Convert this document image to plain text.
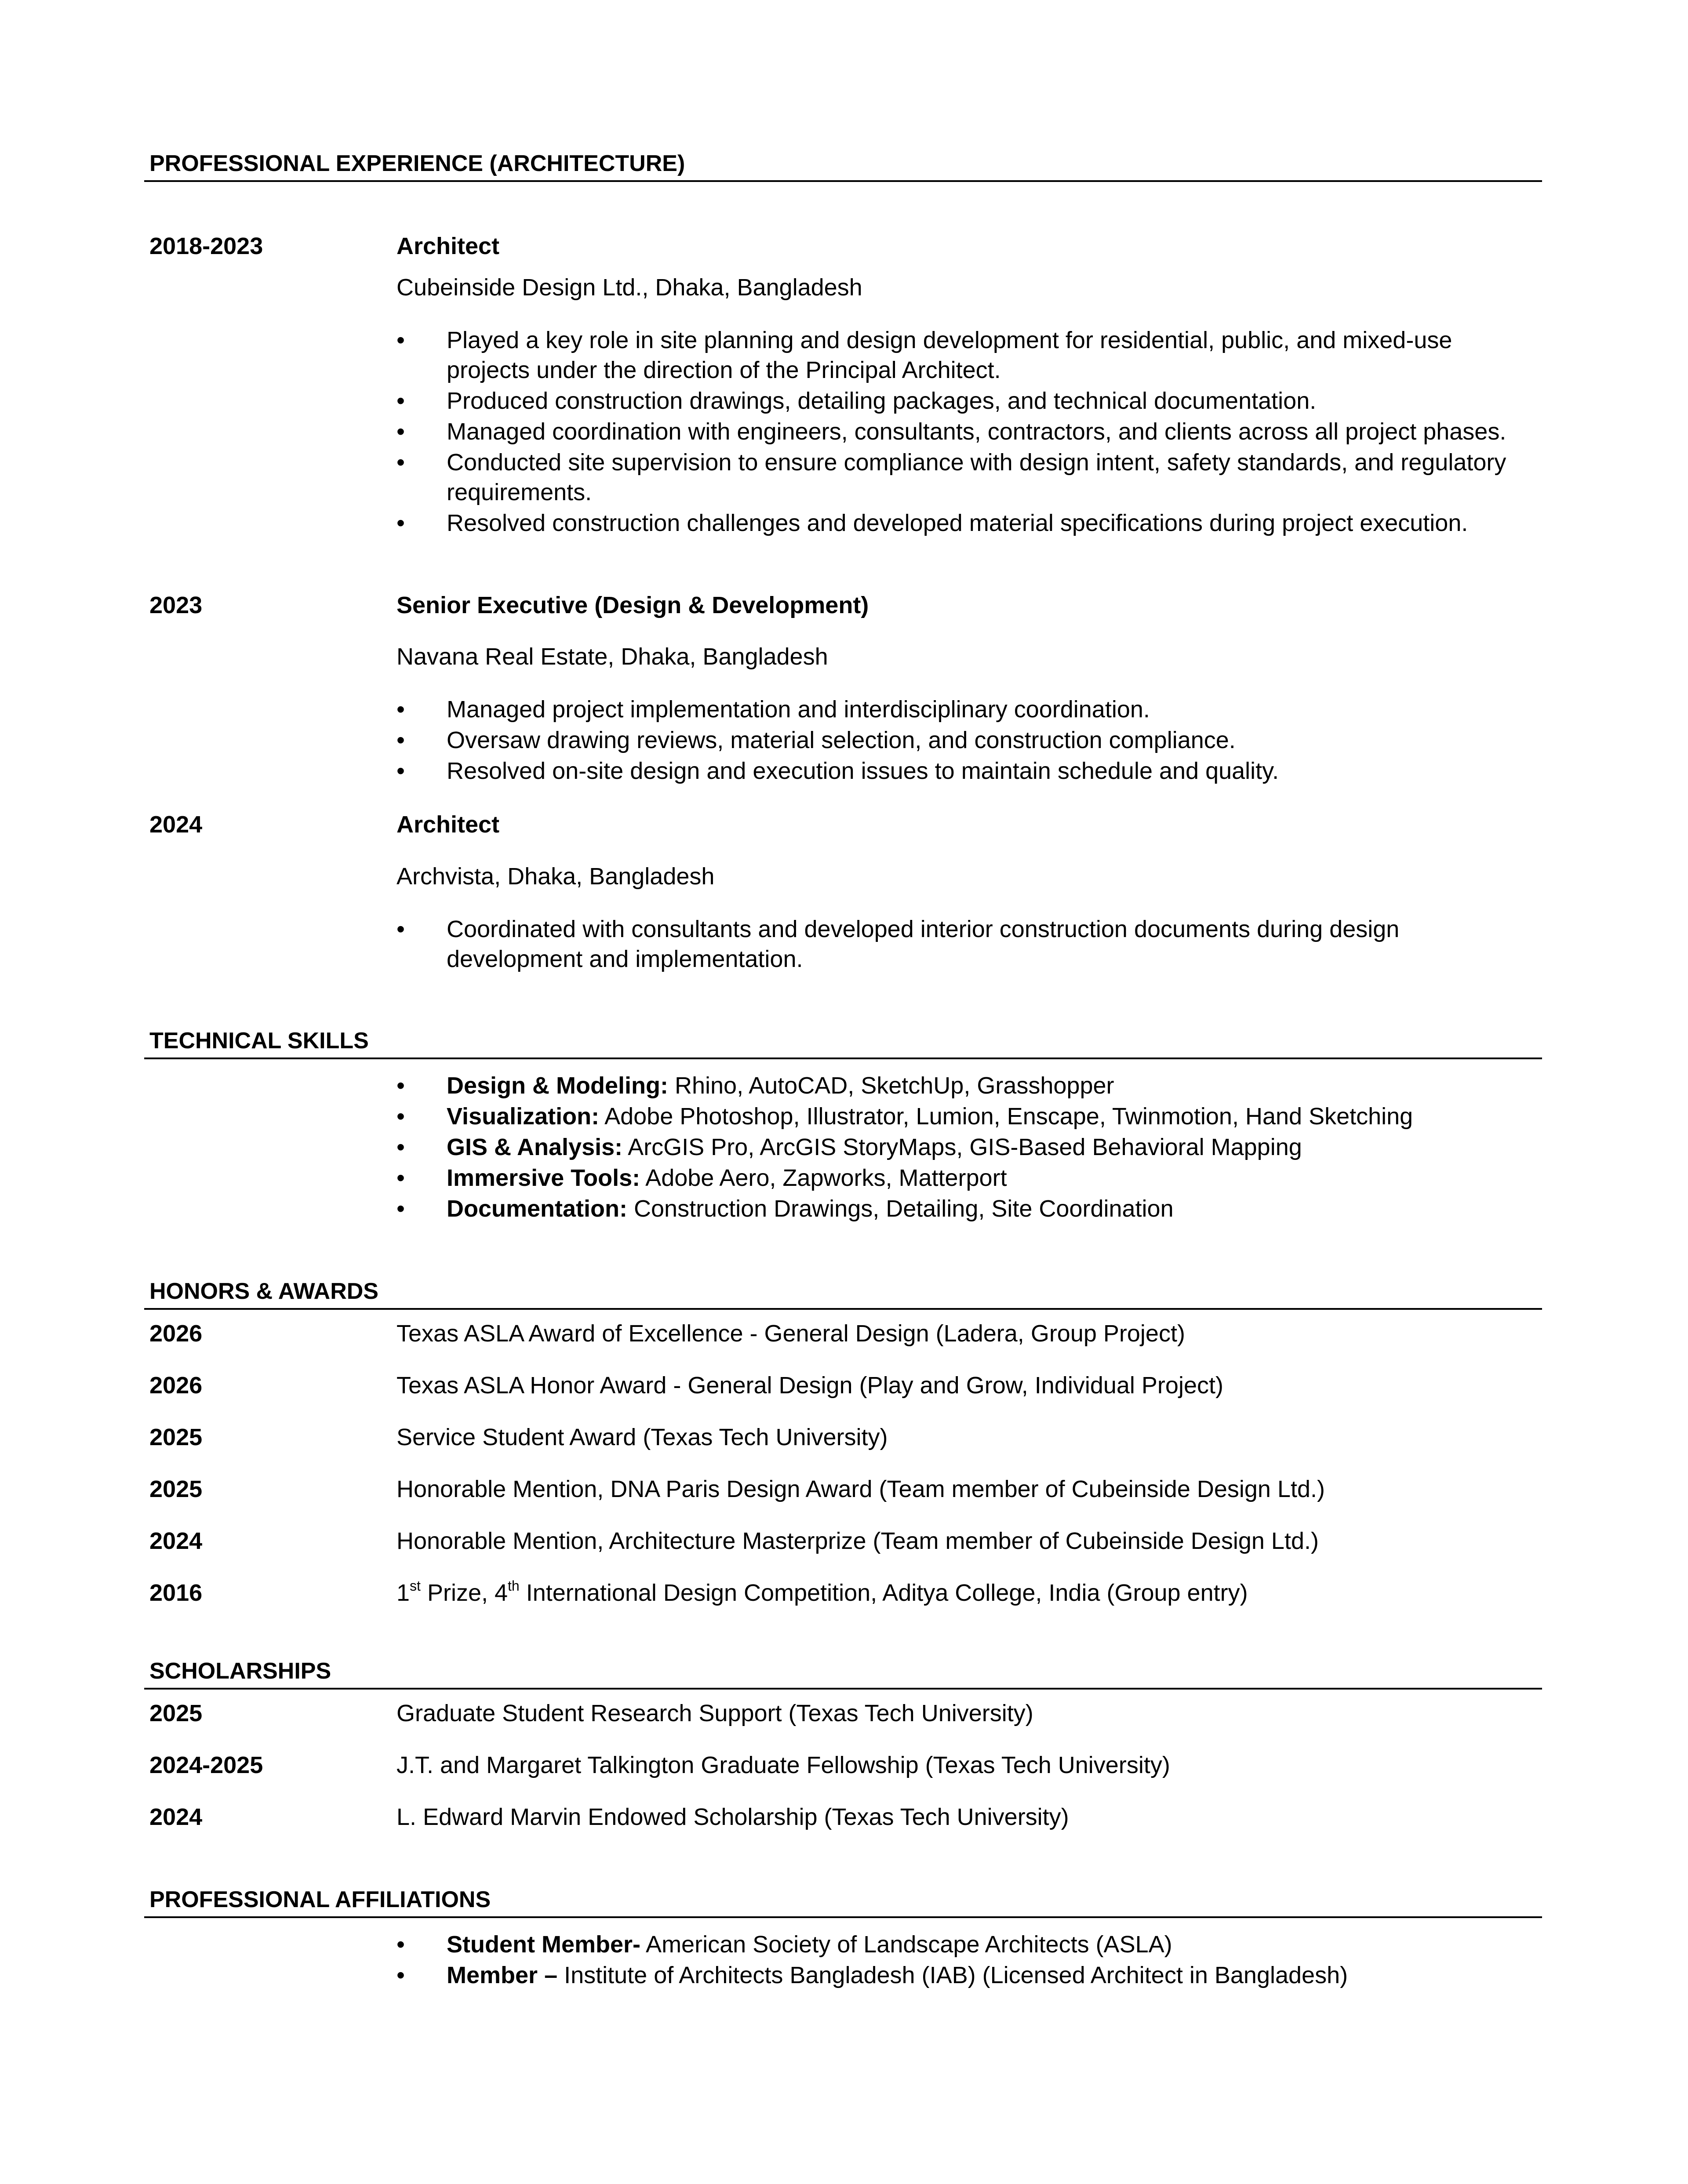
PROFESSIONAL EXPERIENCE (ARCHITECTURE)
2018-2023	Architect
Cubeinside Design Ltd., Dhaka, Bangladesh
• Played a key role in site planning and design development for residential, public, and mixed-use projects under the direction of the Principal Architect.
• Produced construction drawings, detailing packages, and technical documentation.
• Managed coordination with engineers, consultants, contractors, and clients across all project phases.
• Conducted site supervision to ensure compliance with design intent, safety standards, and regulatory requirements.
• Resolved construction challenges and developed material specifications during project execution.
2023	Senior Executive (Design & Development)
Navana Real Estate, Dhaka, Bangladesh
• Managed project implementation and interdisciplinary coordination.
• Oversaw drawing reviews, material selection, and construction compliance.
• Resolved on-site design and execution issues to maintain schedule and quality.
2024	Architect
Archvista, Dhaka, Bangladesh
• Coordinated with consultants and developed interior construction documents during design development and implementation.
TECHNICAL SKILLS
• Design & Modeling: Rhino, AutoCAD, SketchUp, Grasshopper
• Visualization: Adobe Photoshop, Illustrator, Lumion, Enscape, Twinmotion, Hand Sketching
• GIS & Analysis: ArcGIS Pro, ArcGIS StoryMaps, GIS-Based Behavioral Mapping
• Immersive Tools: Adobe Aero, Zapworks, Matterport
• Documentation: Construction Drawings, Detailing, Site Coordination
HONORS & AWARDS
2026	Texas ASLA Award of Excellence - General Design (Ladera, Group Project)
2026	Texas ASLA Honor Award - General Design (Play and Grow, Individual Project)
2025	Service Student Award (Texas Tech University)
2025	Honorable Mention, DNA Paris Design Award (Team member of Cubeinside Design Ltd.)
2024	Honorable Mention, Architecture Masterprize (Team member of Cubeinside Design Ltd.)
2016	1st Prize, 4th International Design Competition, Aditya College, India (Group entry)
SCHOLARSHIPS
2025	Graduate Student Research Support (Texas Tech University)
2024-2025	J.T. and Margaret Talkington Graduate Fellowship (Texas Tech University)
2024	L. Edward Marvin Endowed Scholarship (Texas Tech University)
PROFESSIONAL AFFILIATIONS
• Student Member- American Society of Landscape Architects (ASLA)
• Member – Institute of Architects Bangladesh (IAB) (Licensed Architect in Bangladesh)
